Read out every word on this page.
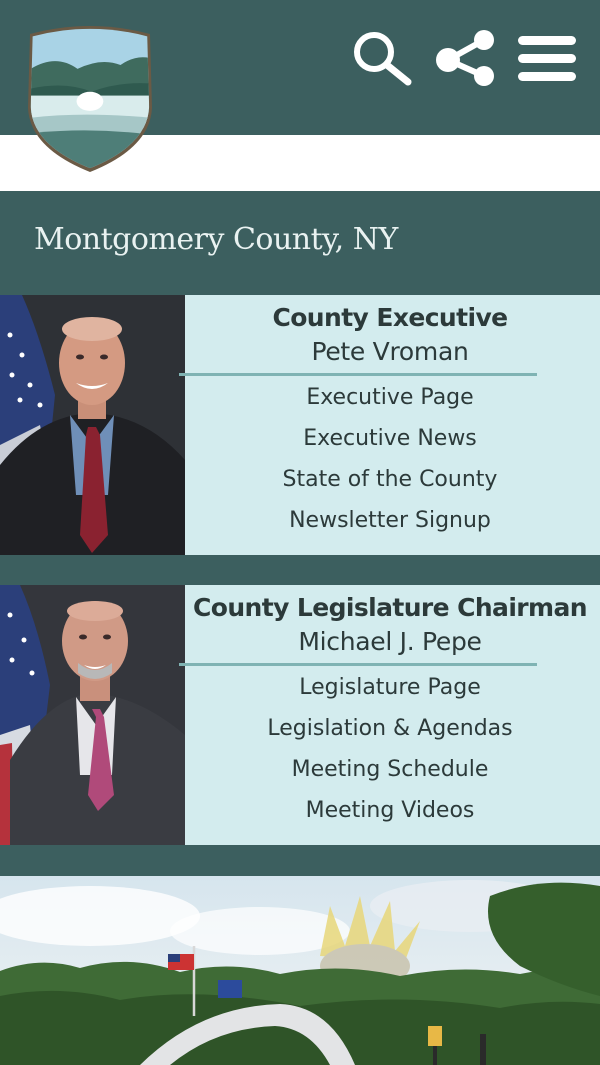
Montgomery County, NY
County Executive
Pete Vroman
Executive Page
Executive News
State of the County
Newsletter Signup
County Legislature Chairman
Michael J. Pepe
Legislature Page
Legislation & Agendas
Meeting Schedule
Meeting Videos
